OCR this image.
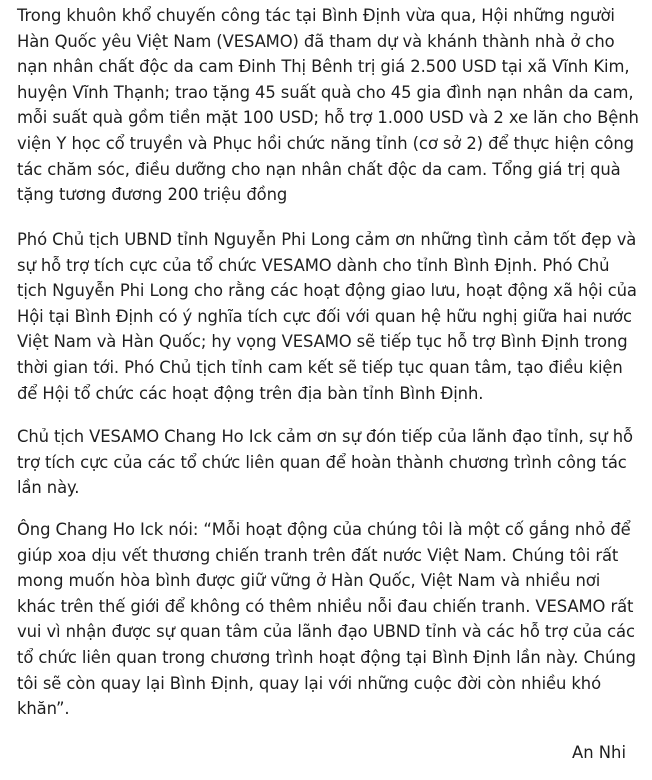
Trong khuôn khổ chuyến công tác tại Bình Định vừa qua, Hội những người Hàn Quốc yêu Việt Nam (VESAMO) đã tham dự và khánh thành nhà ở cho nạn nhân chất độc da cam Đinh Thị Bênh trị giá 2.500 USD tại xã Vĩnh Kim, huyện Vĩnh Thạnh; trao tặng 45 suất quà cho 45 gia đình nạn nhân da cam, mỗi suất quà gồm tiền mặt 100 USD; hỗ trợ 1.000 USD và 2 xe lăn cho Bệnh viện Y học cổ truyền và Phục hồi chức năng tỉnh (cơ sở 2) để thực hiện công tác chăm sóc, điều dưỡng cho nạn nhân chất độc da cam. Tổng giá trị quà tặng tương đương 200 triệu đồng

Phó Chủ tịch UBND tỉnh Nguyễn Phi Long cảm ơn những tình cảm tốt đẹp và sự hỗ trợ tích cực của tổ chức VESAMO dành cho tỉnh Bình Định. Phó Chủ tịch Nguyễn Phi Long cho rằng các hoạt động giao lưu, hoạt động xã hội của Hội tại Bình Định có ý nghĩa tích cực đối với quan hệ hữu nghị giữa hai nước Việt Nam và Hàn Quốc; hy vọng VESAMO sẽ tiếp tục hỗ trợ Bình Định trong thời gian tới. Phó Chủ tịch tỉnh cam kết sẽ tiếp tục quan tâm, tạo điều kiện để Hội tổ chức các hoạt động trên địa bàn tỉnh Bình Định.

Chủ tịch VESAMO Chang Ho Ick cảm ơn sự đón tiếp của lãnh đạo tỉnh, sự hỗ trợ tích cực của các tổ chức liên quan để hoàn thành chương trình công tác lần này.

Ông Chang Ho Ick nói: “Mỗi hoạt động của chúng tôi là một cố gắng nhỏ để giúp xoa dịu vết thương chiến tranh trên đất nước Việt Nam. Chúng tôi rất mong muốn hòa bình được giữ vững ở Hàn Quốc, Việt Nam và nhiều nơi khác trên thế giới để không có thêm nhiều nỗi đau chiến tranh. VESAMO rất vui vì nhận được sự quan tâm của lãnh đạo UBND tỉnh và các hỗ trợ của các tổ chức liên quan trong chương trình hoạt động tại Bình Định lần này. Chúng tôi sẽ còn quay lại Bình Định, quay lại với những cuộc đời còn nhiều khó khăn”.

An Nhi
